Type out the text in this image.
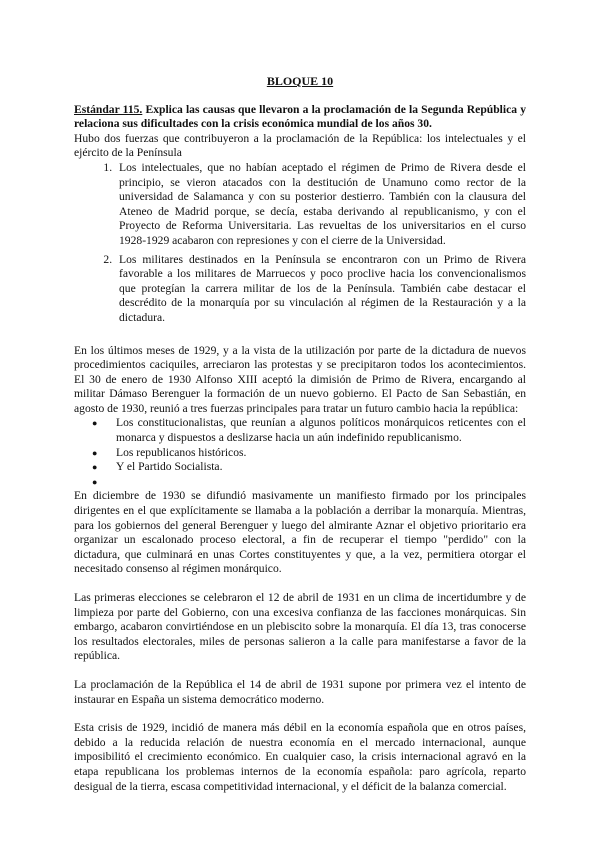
BLOQUE 10

Estándar 115. Explica las causas que llevaron a la proclamación de la Segunda República y relaciona sus dificultades con la crisis económica mundial de los años 30.

Hubo dos fuerzas que contribuyeron a la proclamación de la República: los intelectuales y el ejército de la Península

1. Los intelectuales, que no habían aceptado el régimen de Primo de Rivera desde el principio, se vieron atacados con la destitución de Unamuno como rector de la universidad de Salamanca y con su posterior destierro. También con la clausura del Ateneo de Madrid porque, se decía, estaba derivando al republicanismo, y con el Proyecto de Reforma Universitaria. Las revueltas de los universitarios en el curso 1928-1929 acabaron con represiones y con el cierre de la Universidad.
2. Los militares destinados en la Península se encontraron con un Primo de Rivera favorable a los militares de Marruecos y poco proclive hacia los convencionalismos que protegían la carrera militar de los de la Península. También cabe destacar el descrédito de la monarquía por su vinculación al régimen de la Restauración y a la dictadura.

En los últimos meses de 1929, y a la vista de la utilización por parte de la dictadura de nuevos procedimientos caciquiles, arreciaron las protestas y se precipitaron todos los acontecimientos. El 30 de enero de 1930 Alfonso XIII aceptó la dimisión de Primo de Rivera, encargando al militar Dámaso Berenguer la formación de un nuevo gobierno. El Pacto de San Sebastián, en agosto de 1930, reunió a tres fuerzas principales para tratar un futuro cambio hacia la república:

● Los constitucionalistas, que reunían a algunos políticos monárquicos reticentes con el monarca y dispuestos a deslizarse hacia un aún indefinido republicanismo.
● Los republicanos históricos.
● Y el Partido Socialista.
●

En diciembre de 1930 se difundió masivamente un manifiesto firmado por los principales dirigentes en el que explícitamente se llamaba a la población a derribar la monarquía. Mientras, para los gobiernos del general Berenguer y luego del almirante Aznar el objetivo prioritario era organizar un escalonado proceso electoral, a fin de recuperar el tiempo "perdido" con la dictadura, que culminará en unas Cortes constituyentes y que, a la vez, permitiera otorgar el necesitado consenso al régimen monárquico.

Las primeras elecciones se celebraron el 12 de abril de 1931 en un clima de incertidumbre y de limpieza por parte del Gobierno, con una excesiva confianza de las facciones monárquicas. Sin embargo, acabaron convirtiéndose en un plebiscito sobre la monarquía. El día 13, tras conocerse los resultados electorales, miles de personas salieron a la calle para manifestarse a favor de la república.

La proclamación de la República el 14 de abril de 1931 supone por primera vez el intento de instaurar en España un sistema democrático moderno.

Esta crisis de 1929, incidió de manera más débil en la economía española que en otros países, debido a la reducida relación de nuestra economía en el mercado internacional, aunque imposibilitó el crecimiento económico. En cualquier caso, la crisis internacional agravó en la etapa republicana los problemas internos de la economía española: paro agrícola, reparto desigual de la tierra, escasa competitividad internacional, y el déficit de la balanza comercial.
